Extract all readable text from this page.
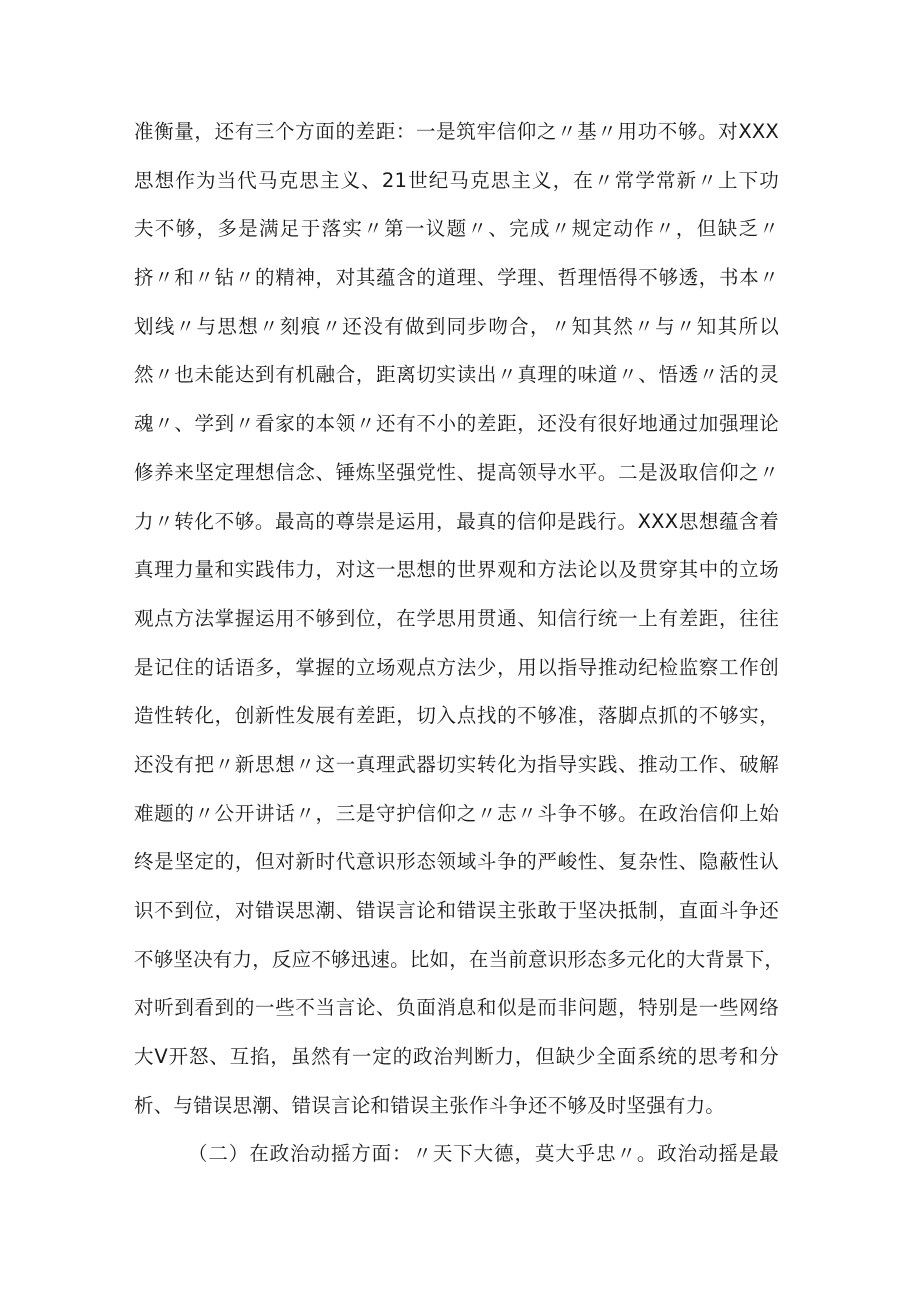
准衡量，还有三个方面的差距：一是筑牢信仰之〃基〃用功不够。对XXX
思想作为当代马克思主义、21世纪马克思主义，在〃常学常新〃上下功
夫不够，多是满足于落实〃第一议题〃、完成〃规定动作〃，但缺乏〃
挤〃和〃钻〃的精神，对其蕴含的道理、学理、哲理悟得不够透，书本〃
划线〃与思想〃刻痕〃还没有做到同步吻合，〃知其然〃与〃知其所以
然〃也未能达到有机融合，距离切实读出〃真理的味道〃、悟透〃活的灵
魂〃、学到〃看家的本领〃还有不小的差距，还没有很好地通过加强理论
修养来坚定理想信念、锤炼坚强党性、提高领导水平。二是汲取信仰之〃
力〃转化不够。最高的尊崇是运用，最真的信仰是践行。XXX思想蕴含着
真理力量和实践伟力，对这一思想的世界观和方法论以及贯穿其中的立场
观点方法掌握运用不够到位，在学思用贯通、知信行统一上有差距，往往
是记住的话语多，掌握的立场观点方法少，用以指导推动纪检监察工作创
造性转化，创新性发展有差距，切入点找的不够准，落脚点抓的不够实，
还没有把〃新思想〃这一真理武器切实转化为指导实践、推动工作、破解
难题的〃公开讲话〃，三是守护信仰之〃志〃斗争不够。在政治信仰上始
终是坚定的，但对新时代意识形态领域斗争的严峻性、复杂性、隐蔽性认
识不到位，对错误思潮、错误言论和错误主张敢于坚决抵制，直面斗争还
不够坚决有力，反应不够迅速。比如，在当前意识形态多元化的大背景下，
对听到看到的一些不当言论、负面消息和似是而非问题，特别是一些网络
大V开怒、互掐，虽然有一定的政治判断力，但缺少全面系统的思考和分
析、与错误思潮、错误言论和错误主张作斗争还不够及时坚强有力。
（二）在政治动摇方面：〃天下大德，莫大乎忠〃。政治动摇是最
